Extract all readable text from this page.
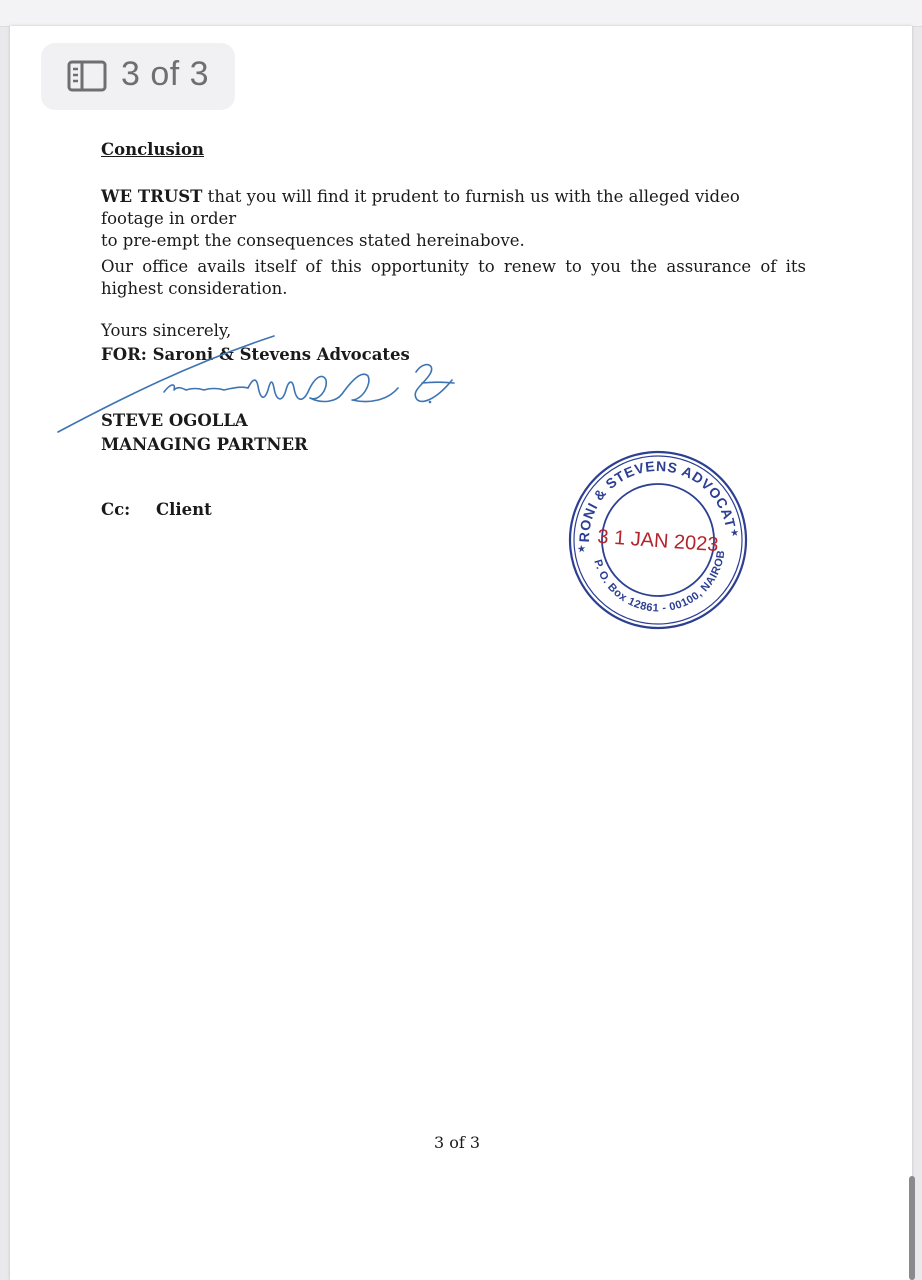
3 of 3
Conclusion
WE TRUST that you will find it prudent to furnish us with the alleged video footage in order
to pre-empt the consequences stated hereinabove.
Our office avails itself of this opportunity to renew to you the assurance of its highest consideration.
Yours sincerely,
FOR: Saroni & Stevens Advocates
STEVE OGOLLA
MANAGING PARTNER
Cc: Client
SARONI & STEVENS ADVOCATES
P. O. Box 12861 - 00100, NAIROBI
★
★
3 1 JAN 2023
3 of 3
